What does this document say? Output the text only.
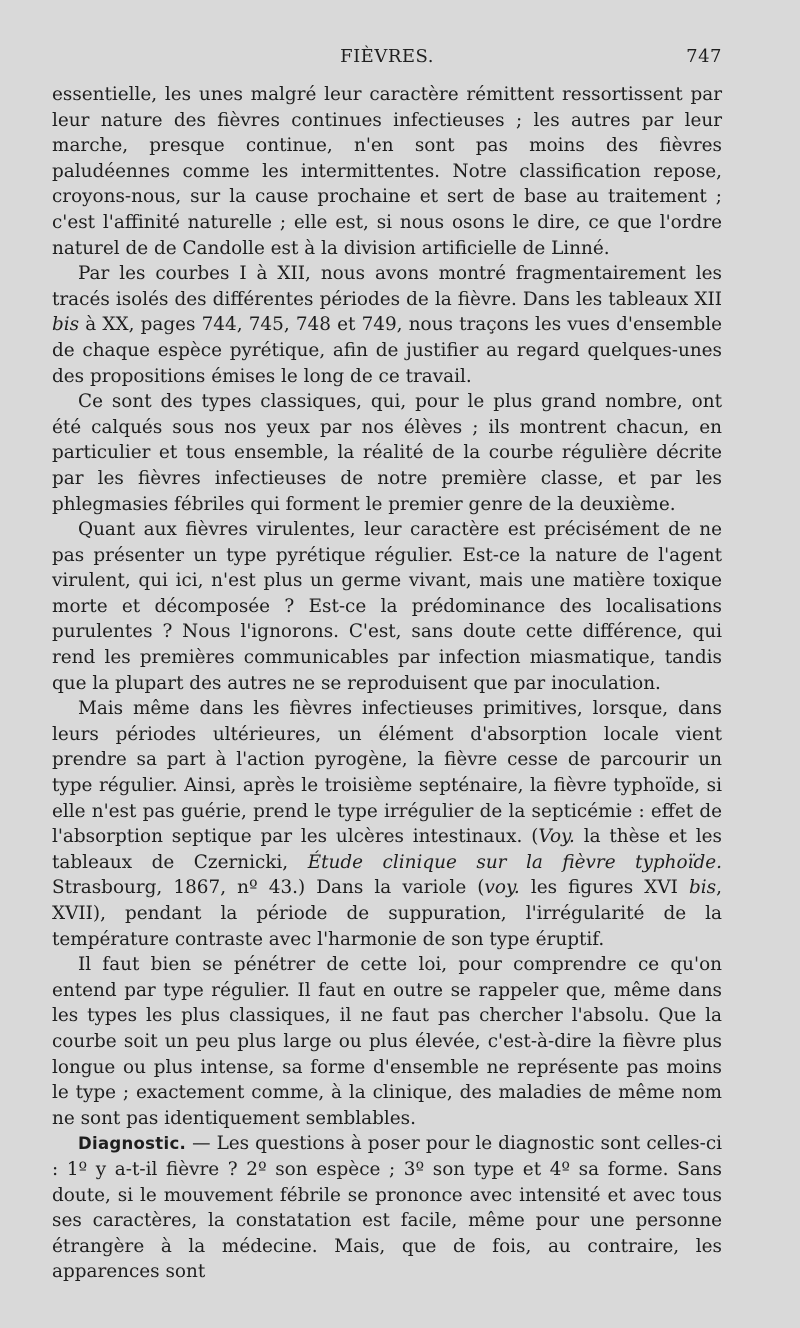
FIÈVRES.	747

essentielle, les unes malgré leur caractère rémittent ressortissent par leur nature des fièvres continues infectieuses ; les autres par leur marche, presque continue, n'en sont pas moins des fièvres paludéennes comme les intermittentes. Notre classification repose, croyons-nous, sur la cause prochaine et sert de base au traitement ; c'est l'affinité naturelle ; elle est, si nous osons le dire, ce que l'ordre naturel de de Candolle est à la division artificielle de Linné.

Par les courbes I à XII, nous avons montré fragmentairement les tracés isolés des différentes périodes de la fièvre. Dans les tableaux XII bis à XX, pages 744, 745, 748 et 749, nous traçons les vues d'ensemble de chaque espèce pyrétique, afin de justifier au regard quelques-unes des propositions émises le long de ce travail.

Ce sont des types classiques, qui, pour le plus grand nombre, ont été calqués sous nos yeux par nos élèves ; ils montrent chacun, en particulier et tous ensemble, la réalité de la courbe régulière décrite par les fièvres infectieuses de notre première classe, et par les phlegmasies fébriles qui forment le premier genre de la deuxième.

Quant aux fièvres virulentes, leur caractère est précisément de ne pas présenter un type pyrétique régulier. Est-ce la nature de l'agent virulent, qui ici, n'est plus un germe vivant, mais une matière toxique morte et décomposée ? Est-ce la prédominance des localisations purulentes ? Nous l'ignorons. C'est, sans doute cette différence, qui rend les premières communicables par infection miasmatique, tandis que la plupart des autres ne se reproduisent que par inoculation.

Mais même dans les fièvres infectieuses primitives, lorsque, dans leurs périodes ultérieures, un élément d'absorption locale vient prendre sa part à l'action pyrogène, la fièvre cesse de parcourir un type régulier. Ainsi, après le troisième septénaire, la fièvre typhoïde, si elle n'est pas guérie, prend le type irrégulier de la septicémie : effet de l'absorption septique par les ulcères intestinaux. (Voy. la thèse et les tableaux de Czernicki, Étude clinique sur la fièvre typhoïde. Strasbourg, 1867, nº 43.) Dans la variole (voy. les figures XVI bis, XVII), pendant la période de suppuration, l'irrégularité de la température contraste avec l'harmonie de son type éruptif.

Il faut bien se pénétrer de cette loi, pour comprendre ce qu'on entend par type régulier. Il faut en outre se rappeler que, même dans les types les plus classiques, il ne faut pas chercher l'absolu. Que la courbe soit un peu plus large ou plus élevée, c'est-à-dire la fièvre plus longue ou plus intense, sa forme d'ensemble ne représente pas moins le type ; exactement comme, à la clinique, des maladies de même nom ne sont pas identiquement semblables.

Diagnostic. — Les questions à poser pour le diagnostic sont celles-ci : 1º y a-t-il fièvre ? 2º son espèce ; 3º son type et 4º sa forme. Sans doute, si le mouvement fébrile se prononce avec intensité et avec tous ses caractères, la constatation est facile, même pour une personne étrangère à la médecine. Mais, que de fois, au contraire, les apparences sont
